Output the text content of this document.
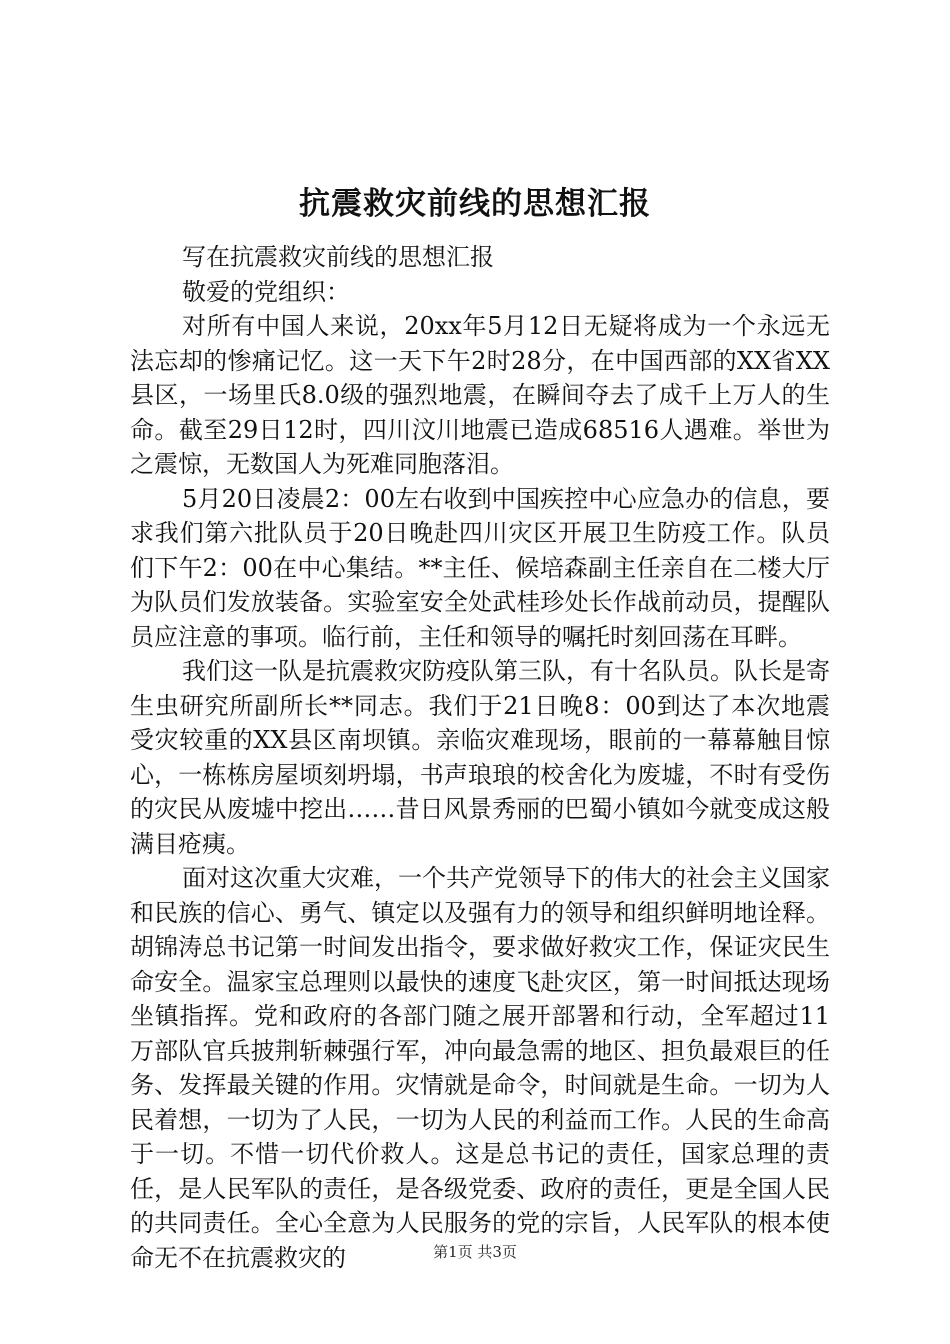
抗震救灾前线的思想汇报

写在抗震救灾前线的思想汇报

敬爱的党组织：

对所有中国人来说，20xx年5月12日无疑将成为一个永远无法忘却的惨痛记忆。这一天下午2时28分，在中国西部的XX省XX县区，一场里氏8.0级的强烈地震，在瞬间夺去了成千上万人的生命。截至29日12时，四川汶川地震已造成68516人遇难。举世为之震惊，无数国人为死难同胞落泪。

5月20日凌晨2：00左右收到中国疾控中心应急办的信息，要求我们第六批队员于20日晚赴四川灾区开展卫生防疫工作。队员们下午2：00在中心集结。**主任、候培森副主任亲自在二楼大厅为队员们发放装备。实验室安全处武桂珍处长作战前动员，提醒队员应注意的事项。临行前，主任和领导的嘱托时刻回荡在耳畔。

我们这一队是抗震救灾防疫队第三队，有十名队员。队长是寄生虫研究所副所长**同志。我们于21日晚8：00到达了本次地震受灾较重的XX县区南坝镇。亲临灾难现场，眼前的一幕幕触目惊心，一栋栋房屋顷刻坍塌，书声琅琅的校舍化为废墟，不时有受伤的灾民从废墟中挖出……昔日风景秀丽的巴蜀小镇如今就变成这般满目疮痍。

面对这次重大灾难，一个共产党领导下的伟大的社会主义国家和民族的信心、勇气、镇定以及强有力的领导和组织鲜明地诠释。胡锦涛总书记第一时间发出指令，要求做好救灾工作，保证灾民生命安全。温家宝总理则以最快的速度飞赴灾区，第一时间抵达现场坐镇指挥。党和政府的各部门随之展开部署和行动，全军超过11万部队官兵披荆斩棘强行军，冲向最急需的地区、担负最艰巨的任务、发挥最关键的作用。灾情就是命令，时间就是生命。一切为人民着想，一切为了人民，一切为人民的利益而工作。人民的生命高于一切。不惜一切代价救人。这是总书记的责任，国家总理的责任，是人民军队的责任，是各级党委、政府的责任，更是全国人民的共同责任。全心全意为人民服务的党的宗旨，人民军队的根本使命无不在抗震救灾的	第1页 共3页
